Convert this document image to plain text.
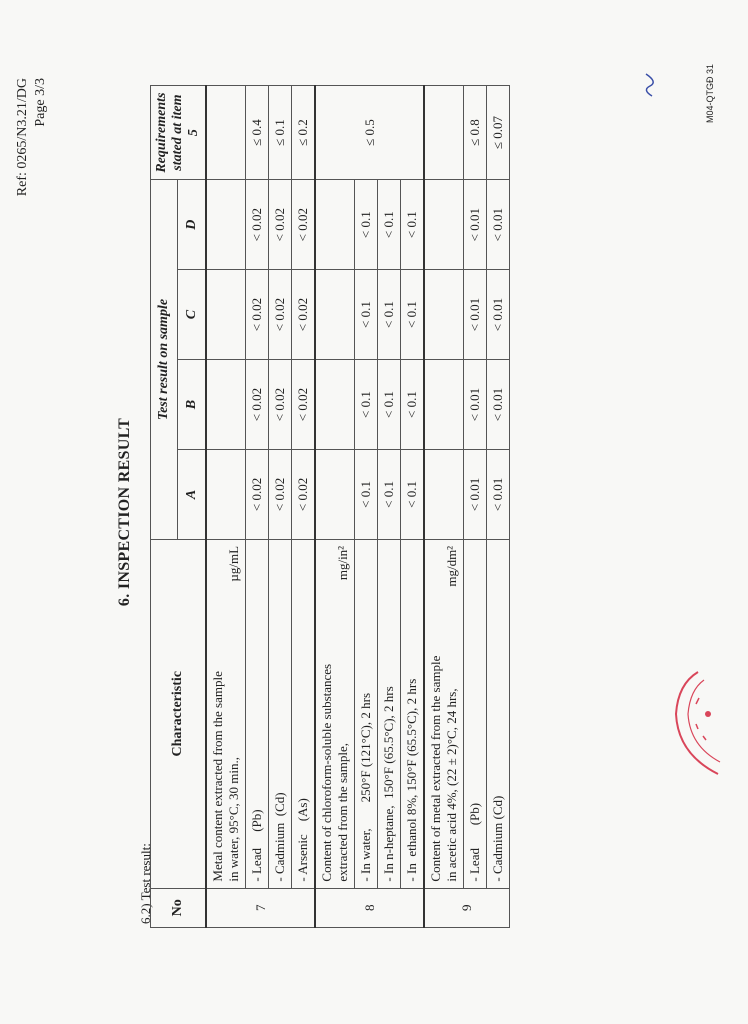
Ref: 0265/N3.21/DG Page 3/3
6. INSPECTION RESULT
6.2) Test result: No	Characteristic	Test result on sample				Requirements
stated at item 5
		A	B	C	D	
7	Metal content extracted from the sample
in water, 95°C, 30 min.,
µg/mL					

	- Lead     (Pb)	< 0.02	< 0.02	< 0.02	< 0.02	≤ 0.4
	- Cadmium  (Cd)	< 0.02	< 0.02	< 0.02	< 0.02	≤ 0.1
	- Arsenic    (As)	< 0.02	< 0.02	< 0.02	< 0.02	≤ 0.2
8	Content of chloroform-soluble substances
extracted from the sample,
mg/in²					≤ 0.5
	- In water,        250°F (121°C), 2 hrs	< 0.1	< 0.1	< 0.1	< 0.1	
	- In n-heptane,  150°F (65.5°C), 2 hrs	< 0.1	< 0.1	< 0.1	< 0.1	
	- In  ethanol 8%, 150°F (65.5°C), 2 hrs	< 0.1	< 0.1	< 0.1	< 0.1	
9	Content of metal extracted from the sample
in acetic acid 4%, (22 ± 2)°C, 24 hrs,
mg/dm²					

	- Lead       (Pb)	< 0.01	< 0.01	< 0.01	< 0.01	≤ 0.8
	- Cadmium (Cd)	< 0.01	< 0.01	< 0.01	< 0.01	≤ 0.07
M04-QTGĐ 31
